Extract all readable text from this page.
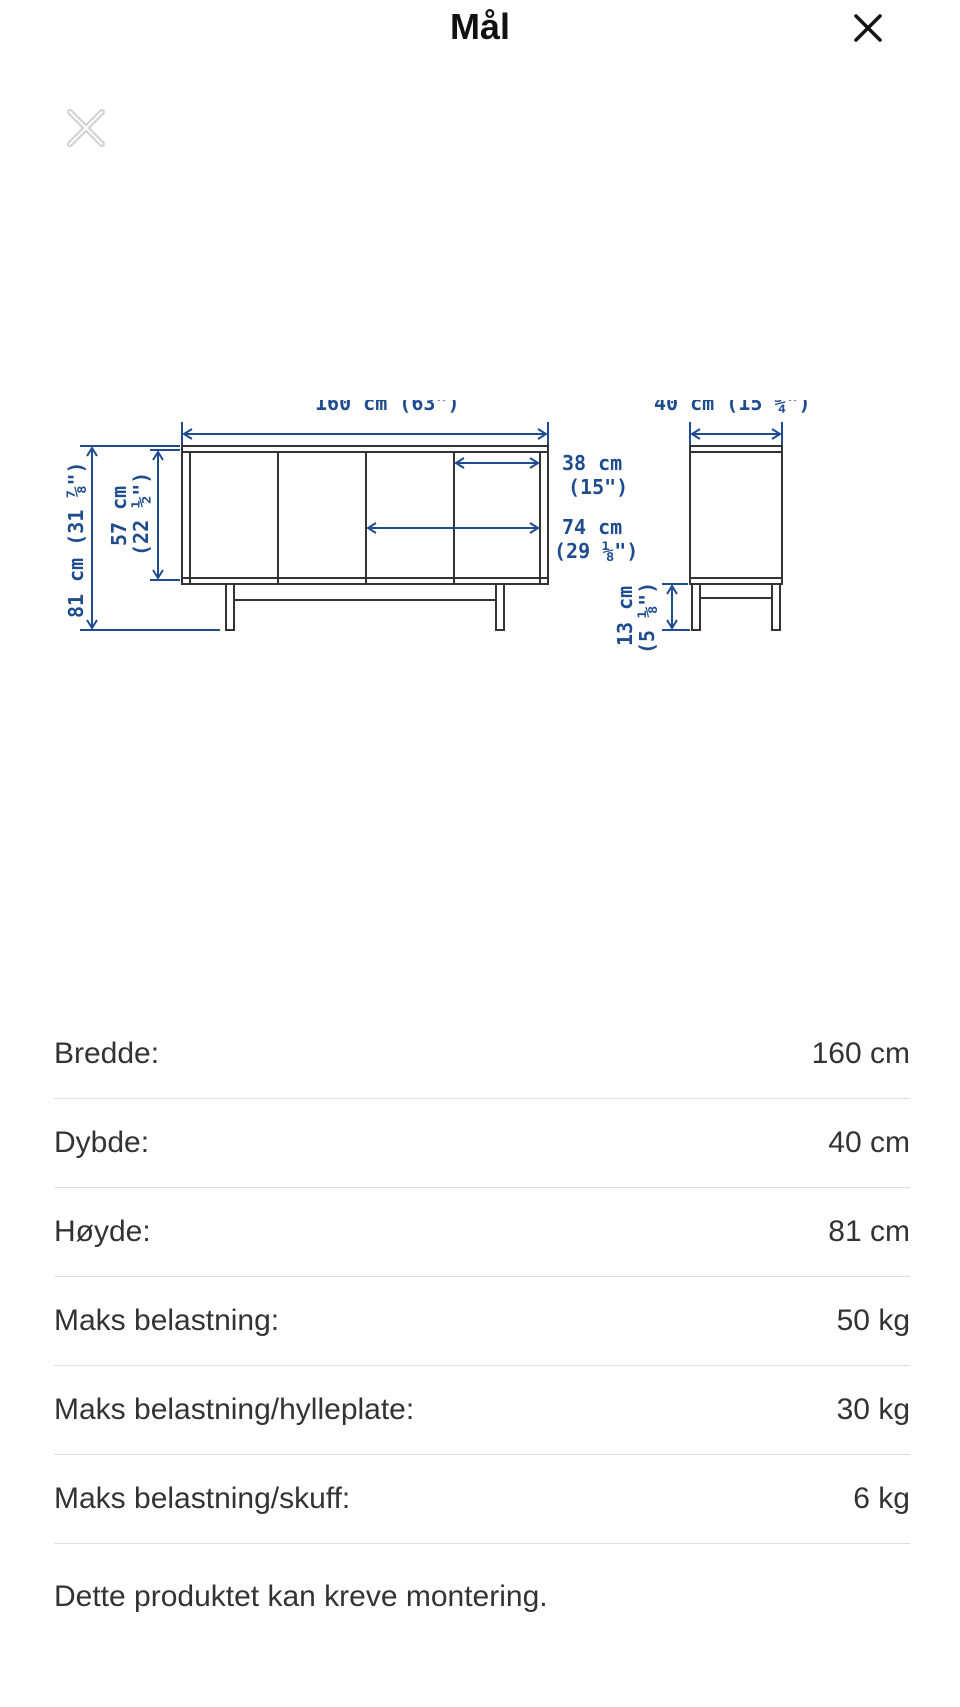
Mål
160 cm (63")	40 cm (15 ¾")
38 cm
(15")
74 cm
(29 ⅛")
81 cm (31 ⅞") 57 cm
(22 ½")
13 cm
(5 ⅛")
Bredde:	160 cm
Dybde:	40 cm
Høyde:	81 cm
Maks belastning:	50 kg
Maks belastning/hylleplate:	30 kg
Maks belastning/skuff:	6 kg
Dette produktet kan kreve montering.
